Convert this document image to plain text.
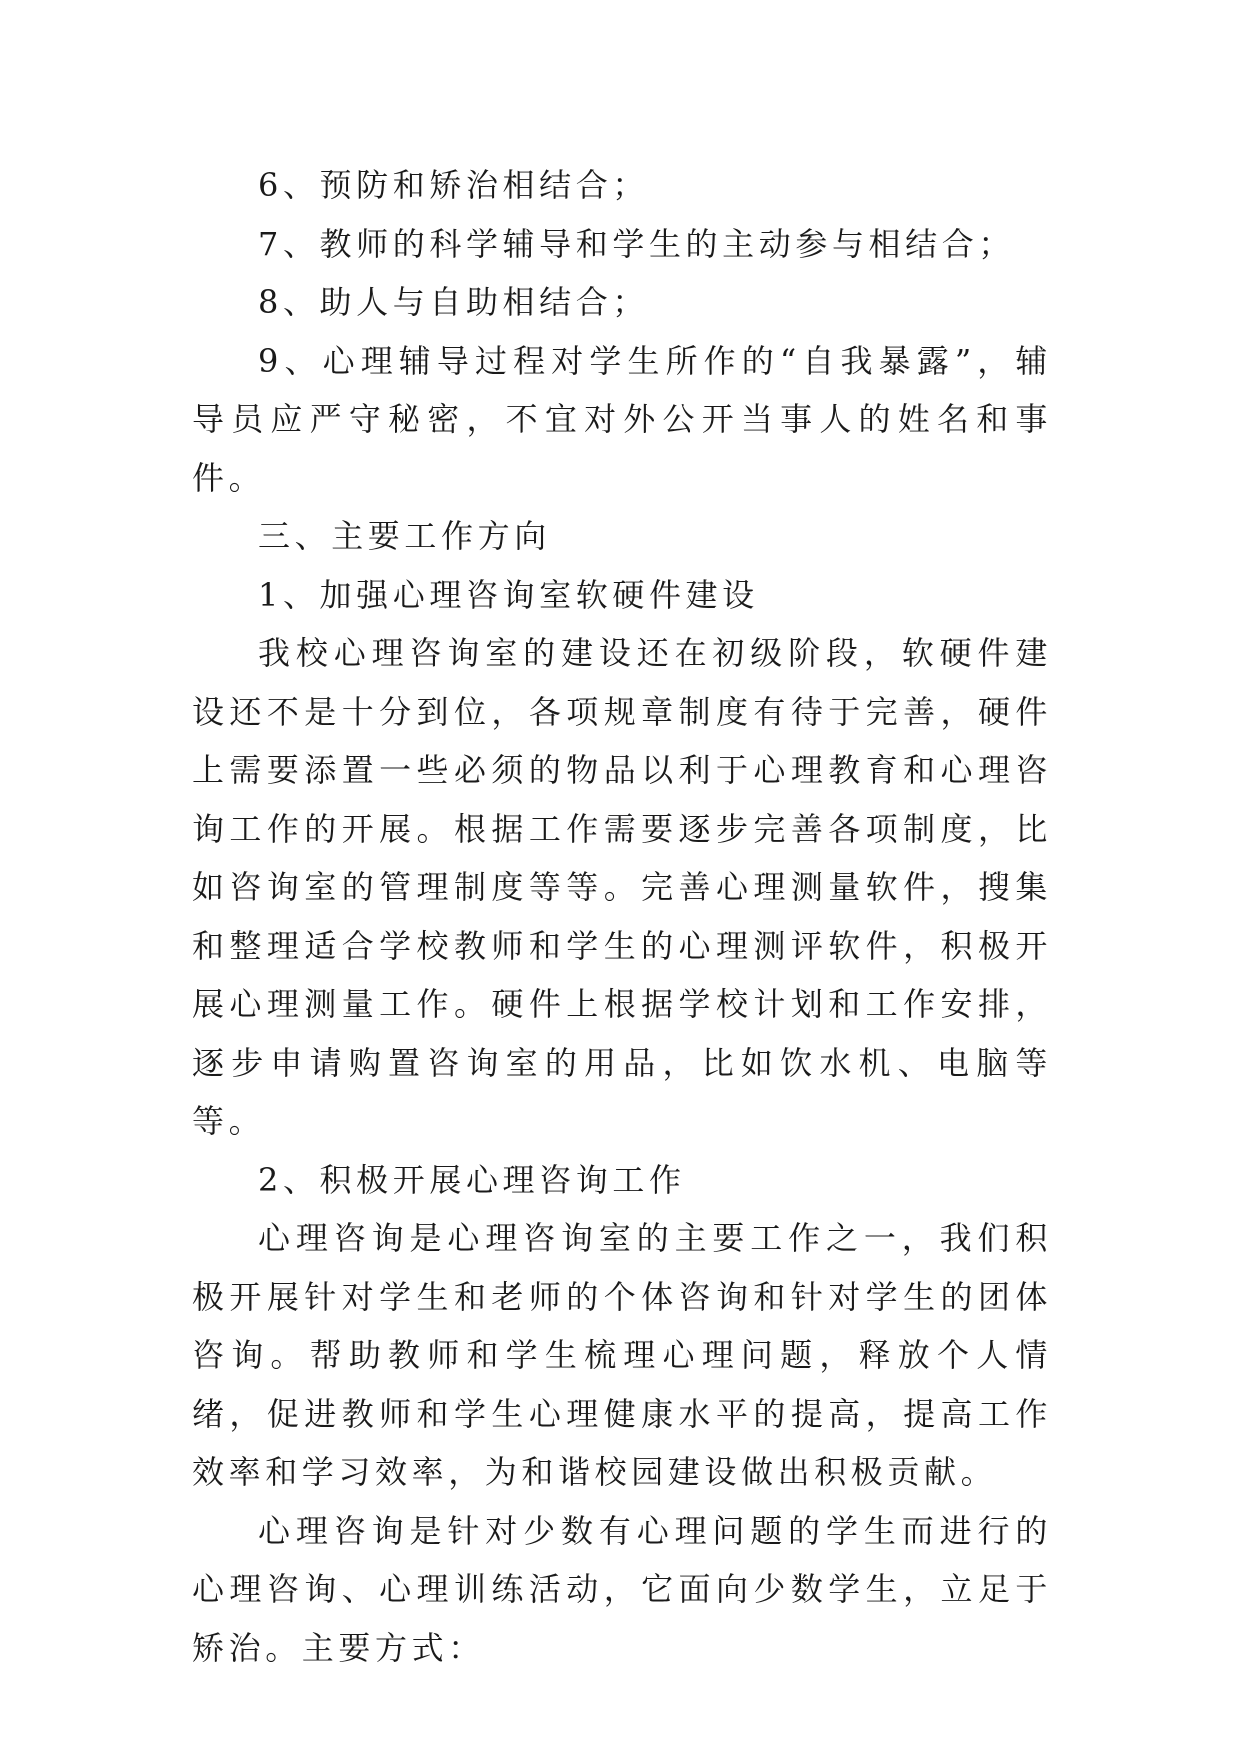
6、预防和矫治相结合；

7、教师的科学辅导和学生的主动参与相结合；

8、助人与自助相结合；

9、心理辅导过程对学生所作的“自我暴露”，辅导员应严守秘密，不宜对外公开当事人的姓名和事件。

三、主要工作方向

1、加强心理咨询室软硬件建设

我校心理咨询室的建设还在初级阶段，软硬件建设还不是十分到位，各项规章制度有待于完善，硬件上需要添置一些必须的物品以利于心理教育和心理咨询工作的开展。根据工作需要逐步完善各项制度，比如咨询室的管理制度等等。完善心理测量软件，搜集和整理适合学校教师和学生的心理测评软件，积极开展心理测量工作。硬件上根据学校计划和工作安排，逐步申请购置咨询室的用品，比如饮水机、电脑等等。

2、积极开展心理咨询工作

心理咨询是心理咨询室的主要工作之一，我们积极开展针对学生和老师的个体咨询和针对学生的团体咨询。帮助教师和学生梳理心理问题，释放个人情绪，促进教师和学生心理健康水平的提高，提高工作效率和学习效率，为和谐校园建设做出积极贡献。

心理咨询是针对少数有心理问题的学生而进行的心理咨询、心理训练活动，它面向少数学生，立足于矫治。主要方式：
